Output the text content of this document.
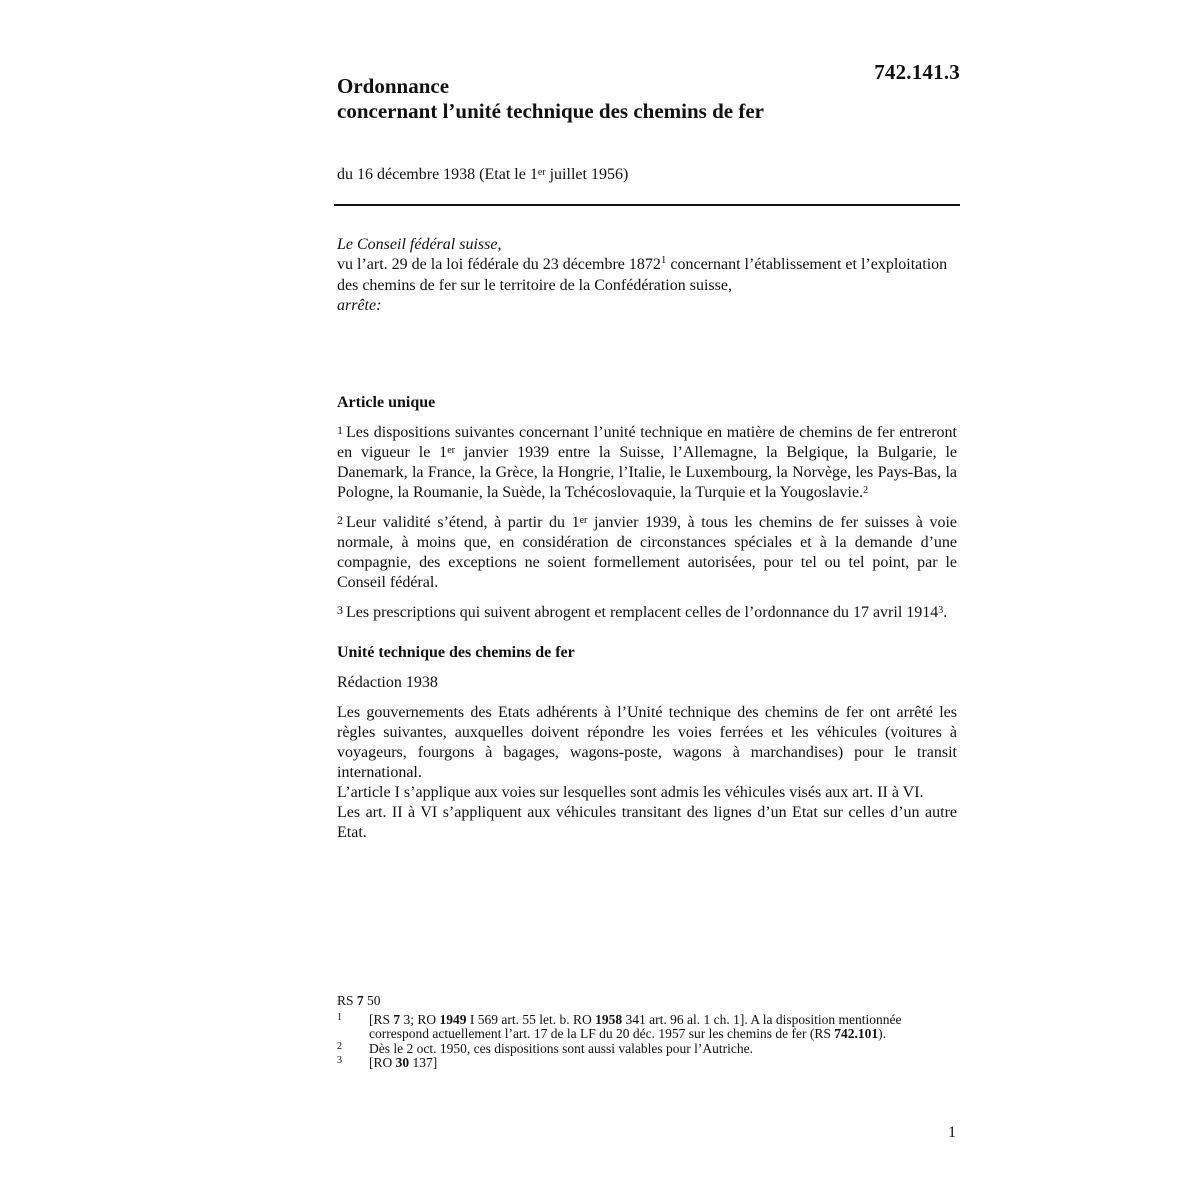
742.141.3
Ordonnance
concernant l’unité technique des chemins de fer
du 16 décembre 1938 (Etat le 1er juillet 1956)
Le Conseil fédéral suisse,
vu l’art. 29 de la loi fédérale du 23 décembre 1872$^1$ concernant l’établissement et l’exploitation des chemins de fer sur le territoire de la Confédération suisse,
arrête:
Article unique
1 Les dispositions suivantes concernant l’unité technique en matière de chemins de fer entreront en vigueur le 1er janvier 1939 entre la Suisse, l’Allemagne, la Belgique, la Bulgarie, le Danemark, la France, la Grèce, la Hongrie, l’Italie, le Luxembourg, la Norvège, les Pays-Bas, la Pologne, la Roumanie, la Suède, la Tchécoslovaquie, la Turquie et la Yougoslavie.$^2$
2 Leur validité s’étend, à partir du 1er janvier 1939, à tous les chemins de fer suisses à voie normale, à moins que, en considération de circonstances spéciales et à la demande d’une compagnie, des exceptions ne soient formellement autorisées, pour tel ou tel point, par le Conseil fédéral.
3 Les prescriptions qui suivent abrogent et remplacent celles de l’ordonnance du 17 avril 1914$^3$.
Unité technique des chemins de fer
Rédaction 1938

Les gouvernements des Etats adhérents à l’Unité technique des chemins de fer ont arrêté les règles suivantes, auxquelles doivent répondre les voies ferrées et les véhicules (voitures à voyageurs, fourgons à bagages, wagons-poste, wagons à marchandises) pour le transit international.

L’article I s’applique aux voies sur lesquelles sont admis les véhicules visés aux art. II à VI.

Les art. II à VI s’appliquent aux véhicules transitant des lignes d’un Etat sur celles d’un autre Etat.

RS 7 50
1	[RS 7 3; RO 1949 I 569 art. 55 let. b. RO 1958 341 art. 96 al. 1 ch. 1]. A la disposition mentionnée correspond actuellement l’art. 17 de la LF du 20 déc. 1957 sur les chemins de fer (RS 742.101).
2	Dès le 2 oct. 1950, ces dispositions sont aussi valables pour l’Autriche.
3	[RO 30 137]
1
